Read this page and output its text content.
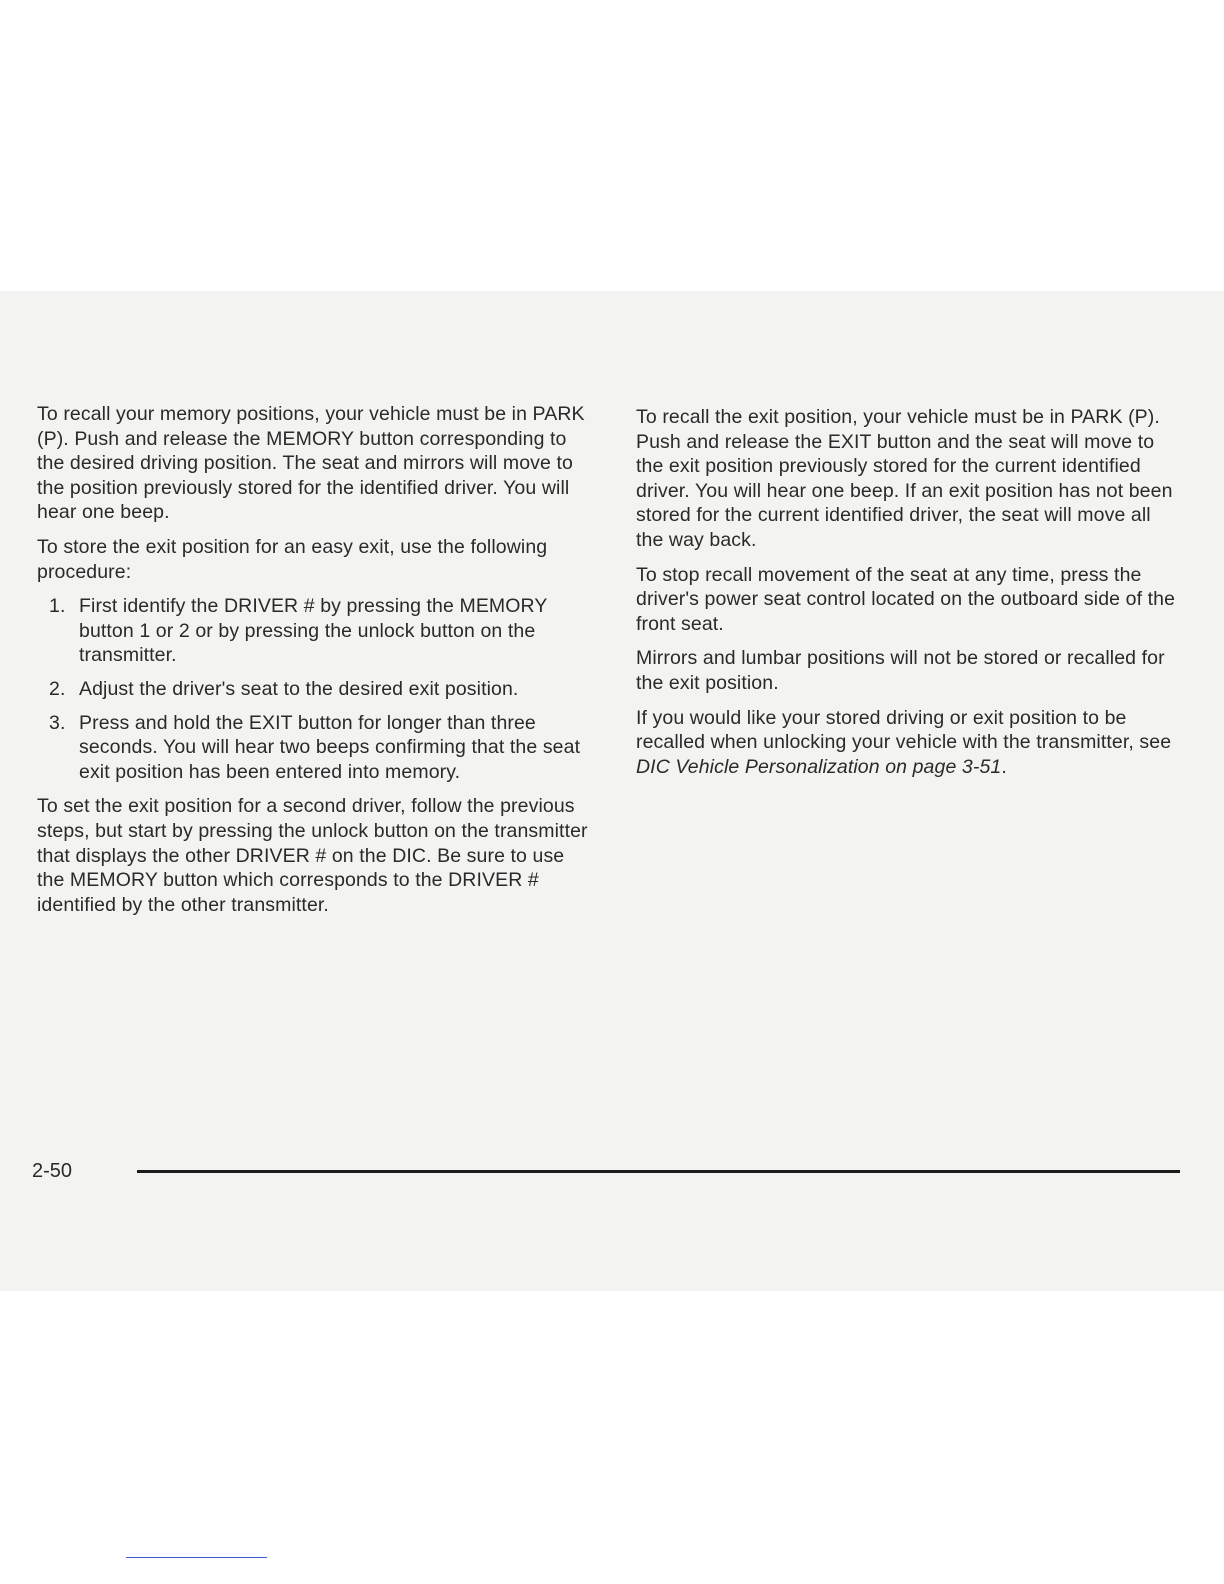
To recall your memory positions, your vehicle must be in PARK (P). Push and release the MEMORY button corresponding to the desired driving position. The seat and mirrors will move to the position previously stored for the identified driver. You will hear one beep.

To store the exit position for an easy exit, use the following procedure:

1. First identify the DRIVER # by pressing the MEMORY button 1 or 2 or by pressing the unlock button on the transmitter.
2. Adjust the driver's seat to the desired exit position.
3. Press and hold the EXIT button for longer than three seconds. You will hear two beeps confirming that the seat exit position has been entered into memory.

To set the exit position for a second driver, follow the previous steps, but start by pressing the unlock button on the transmitter that displays the other DRIVER # on the DIC. Be sure to use the MEMORY button which corresponds to the DRIVER # identified by the other transmitter.

To recall the exit position, your vehicle must be in PARK (P). Push and release the EXIT button and the seat will move to the exit position previously stored for the current identified driver. You will hear one beep. If an exit position has not been stored for the current identified driver, the seat will move all the way back.

To stop recall movement of the seat at any time, press the driver's power seat control located on the outboard side of the front seat.

Mirrors and lumbar positions will not be stored or recalled for the exit position.

If you would like your stored driving or exit position to be recalled when unlocking your vehicle with the transmitter, see DIC Vehicle Personalization on page 3-51.

2-50
